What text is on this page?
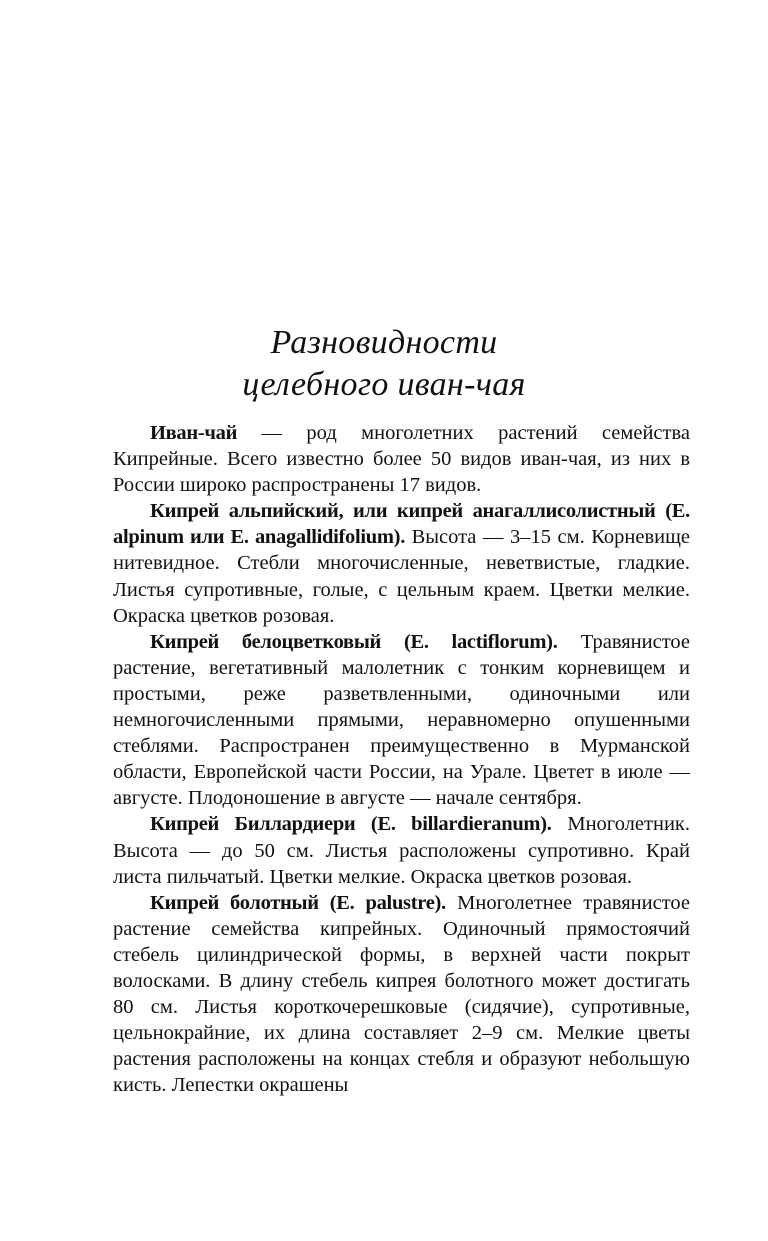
Разновидности
целебного иван-чая

Иван-чай — род многолетних растений семейства Кипрейные. Всего известно более 50 видов иван-чая, из них в России широко распространены 17 видов.

Кипрей альпийский, или кипрей анагаллисолистный (E. alpinum или E. anagallidifolium). Высота — 3–15 см. Корневище нитевидное. Стебли многочисленные, неветвистые, гладкие. Листья супротивные, голые, с цельным краем. Цветки мелкие. Окраска цветков розовая.

Кипрей белоцветковый (E. lactiflorum). Травянистое растение, вегетативный малолетник с тонким корневищем и простыми, реже разветвленными, одиночными или немногочисленными прямыми, неравномерно опушенными стеблями. Распространен преимущественно в Мурманской области, Европейской части России, на Урале. Цветет в июле — августе. Плодоношение в августе — начале сентября.

Кипрей Биллардиери (E. billardieranum). Многолетник. Высота — до 50 см. Листья расположены супротивно. Край листа пильчатый. Цветки мелкие. Окраска цветков розовая.

Кипрей болотный (E. palustre). Многолетнее травянистое растение семейства кипрейных. Одиночный прямостоячий стебель цилиндрической формы, в верхней части покрыт волосками. В длину стебель кипрея болотного может достигать 80 см. Листья короткочерешковые (сидячие), супротивные, цельнокрайние, их длина составляет 2–9 см. Мелкие цветы растения расположены на концах стебля и образуют небольшую кисть. Лепестки окрашены
